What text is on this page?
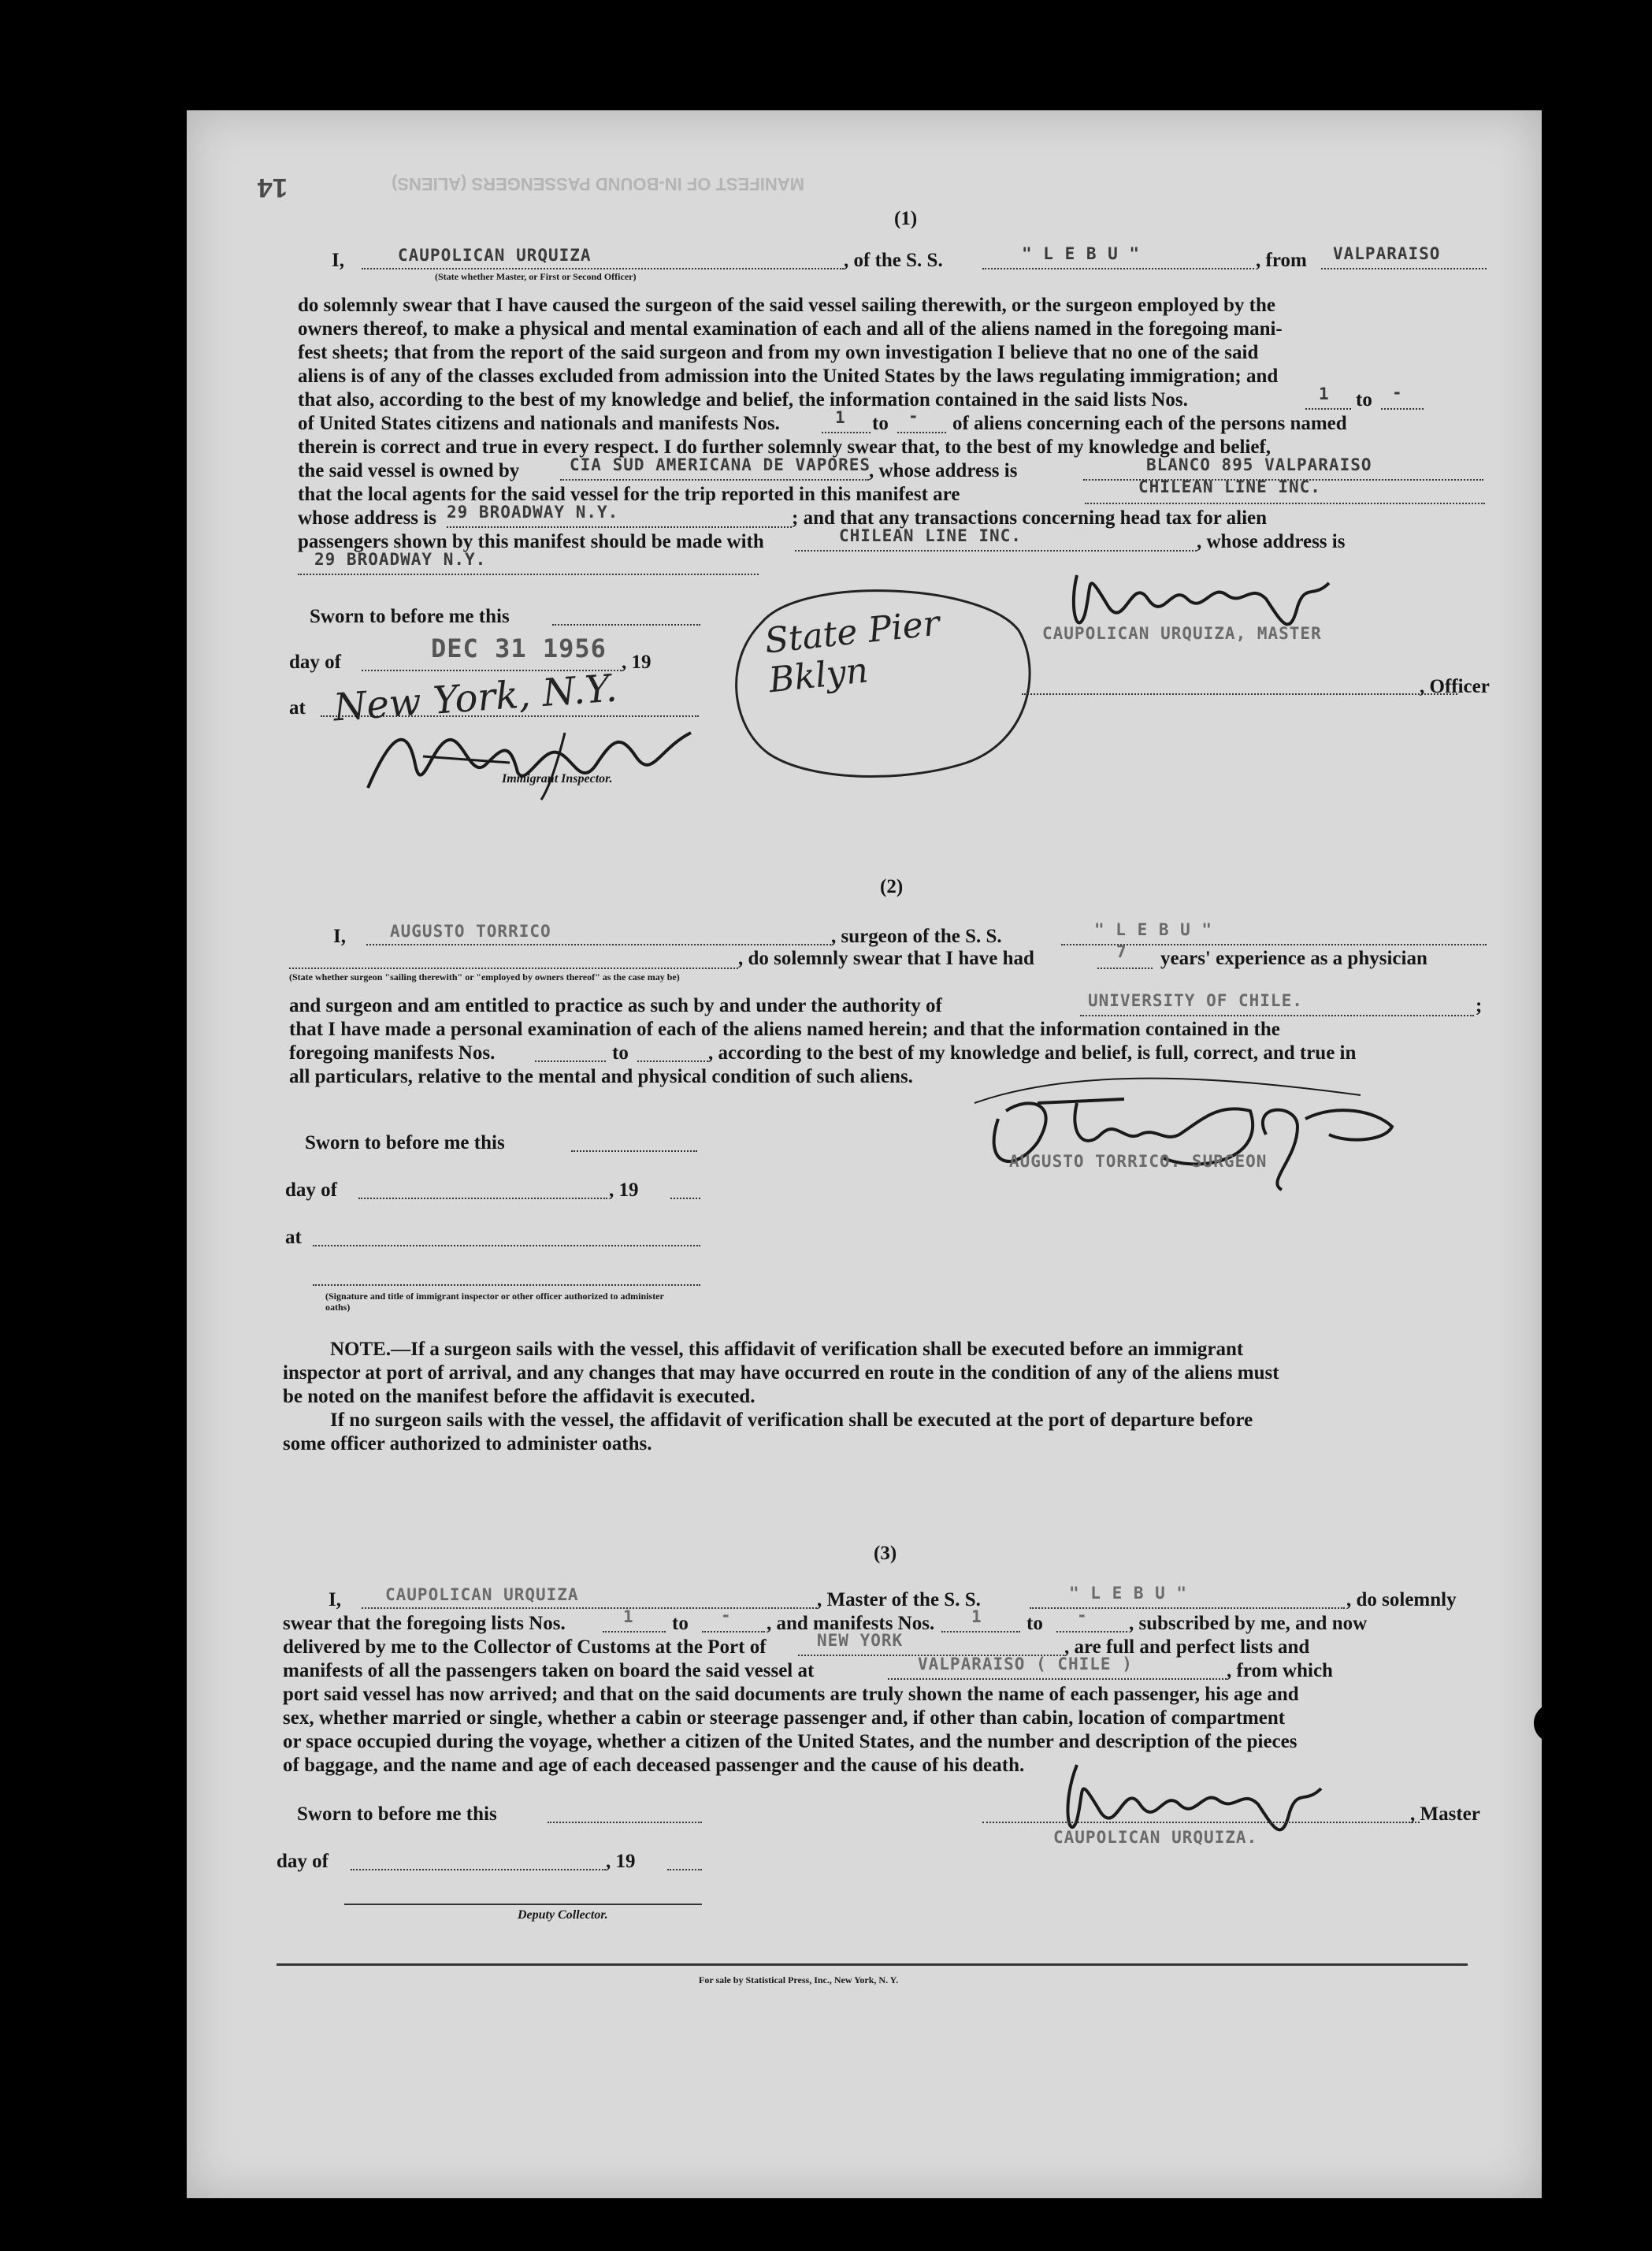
MANIFEST OF IN-BOUND PASSENGERS (ALIENS)
14
(1)
I,	CAUPOLICAN URQUIZA
(State whether Master, or First or Second Officer)
, of the S. S.	" L E B U "	, from VALPARAISO
do solemnly swear that I have caused the surgeon of the said vessel sailing therewith, or the surgeon employed by the
owners thereof, to make a physical and mental examination of each and all of the aliens named in the foregoing mani-
fest sheets; that from the report of the said surgeon and from my own investigation I believe that no one of the said
aliens is of any of the classes excluded from admission into the United States by the laws regulating immigration; and
that also, according to the best of my knowledge and belief, the information contained in the said lists Nos.	1 to -
of United States citizens and nationals and manifests Nos.	1 to - of aliens concerning each of the persons named
therein is correct and true in every respect. I do further solemnly swear that, to the best of my knowledge and belief,
the said vessel is owned by	CIA SUD AMERICANA DE VAPORES
, whose address is	BLANCO 895 VALPARAISO
that the local agents for the said vessel for the trip reported in this manifest are	CHILEAN LINE INC.
whose address is 29 BROADWAY N.Y.	; and that any transactions concerning head tax for alien
passengers shown by this manifest should be made with	CHILEAN LINE INC.	, whose address is
29 BROADWAY N.Y.
Sworn to before me this
day of	DEC 31 1956 , 19
at New York, N.Y.
State Pier Bklyn
Immigrant Inspector.
CAUPOLICAN URQUIZA, MASTER
, Officer
(2)
I,	AUGUSTO TORRICO	, surgeon of the S. S.	" L E B U "
, do solemnly swear that I have had	7 years' experience as a physician
(State whether surgeon "sailing therewith" or "employed by owners thereof" as the case may be)
and surgeon and am entitled to practice as such by and under the authority of	UNIVERSITY OF CHILE.	;
that I have made a personal examination of each of the aliens named herein; and that the information contained in the
foregoing manifests Nos.	to	, according to the best of my knowledge and belief, is full, correct, and true in
all particulars, relative to the mental and physical condition of such aliens.
AUGUSTO TORRICO. SURGEON
Sworn to before me this
day of	, 19
at
(Signature and title of immigrant inspector or other officer authorized to administer oaths)
NOTE.—If a surgeon sails with the vessel, this affidavit of verification shall be executed before an immigrant
inspector at port of arrival, and any changes that may have occurred en route in the condition of any of the aliens must
be noted on the manifest before the affidavit is executed.
If no surgeon sails with the vessel, the affidavit of verification shall be executed at the port of departure before
some officer authorized to administer oaths.
(3)
I,	CAUPOLICAN URQUIZA	, Master of the S. S.	" L E B U "	, do solemnly
swear that the foregoing lists Nos.	1 to - , and manifests Nos. 1 to - , subscribed by me, and now
delivered by me to the Collector of Customs at the Port of	NEW YORK	, are full and perfect lists and
manifests of all the passengers taken on board the said vessel at	VALPARAISO ( CHILE )	, from which
port said vessel has now arrived; and that on the said documents are truly shown the name of each passenger, his age and
sex, whether married or single, whether a cabin or steerage passenger and, if other than cabin, location of compartment
or space occupied during the voyage, whether a citizen of the United States, and the number and description of the pieces
of baggage, and the name and age of each deceased passenger and the cause of his death.
Sworn to before me this
day of	, 19
Deputy Collector.
, Master
CAUPOLICAN URQUIZA.
For sale by Statistical Press, Inc., New York, N. Y.
